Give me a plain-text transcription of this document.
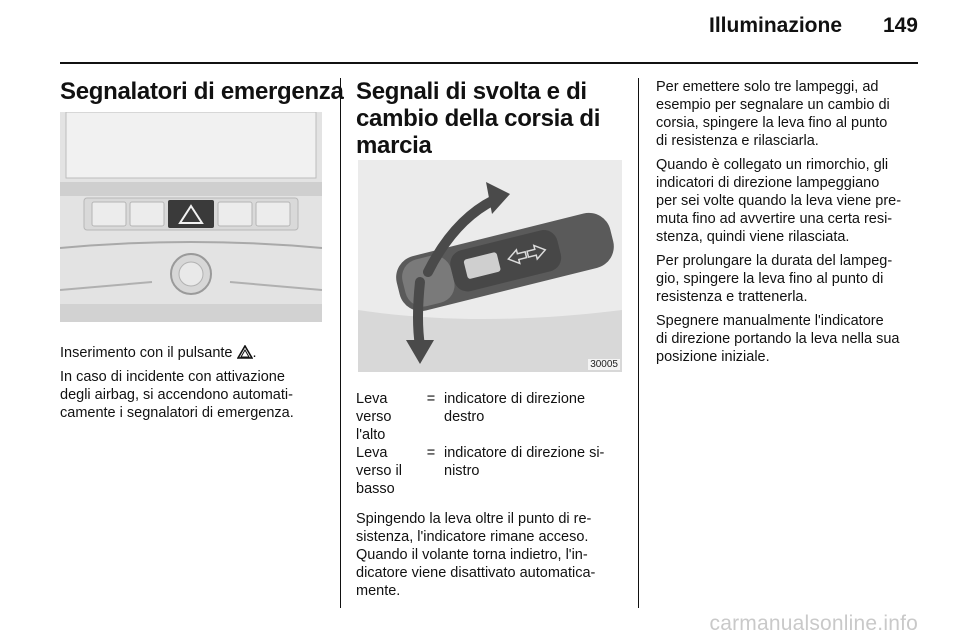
Illuminazione	149
Segnalatori di emergenza
Inserimento con il pulsante .

In caso di incidente con attivazione
degli airbag, si accendono automati-
camente i segnalatori di emergenza.

Segnali di svolta e di
cambio della corsia di
marcia
30005
Leva
verso
l'alto
= indicatore di direzione
destro
Leva
verso il
basso
= indicatore di direzione si-
nistro

Spingendo la leva oltre il punto di re-
sistenza, l'indicatore rimane acceso.
Quando il volante torna indietro, l'in-
dicatore viene disattivato automatica-
mente.

Per emettere solo tre lampeggi, ad
esempio per segnalare un cambio di
corsia, spingere la leva fino al punto
di resistenza e rilasciarla.

Quando è collegato un rimorchio, gli
indicatori di direzione lampeggiano
per sei volte quando la leva viene pre-
muta fino ad avvertire una certa resi-
stenza, quindi viene rilasciata.

Per prolungare la durata del lampeg-
gio, spingere la leva fino al punto di
resistenza e trattenerla.

Spegnere manualmente l'indicatore
di direzione portando la leva nella sua
posizione iniziale.

carmanualsonline.info
